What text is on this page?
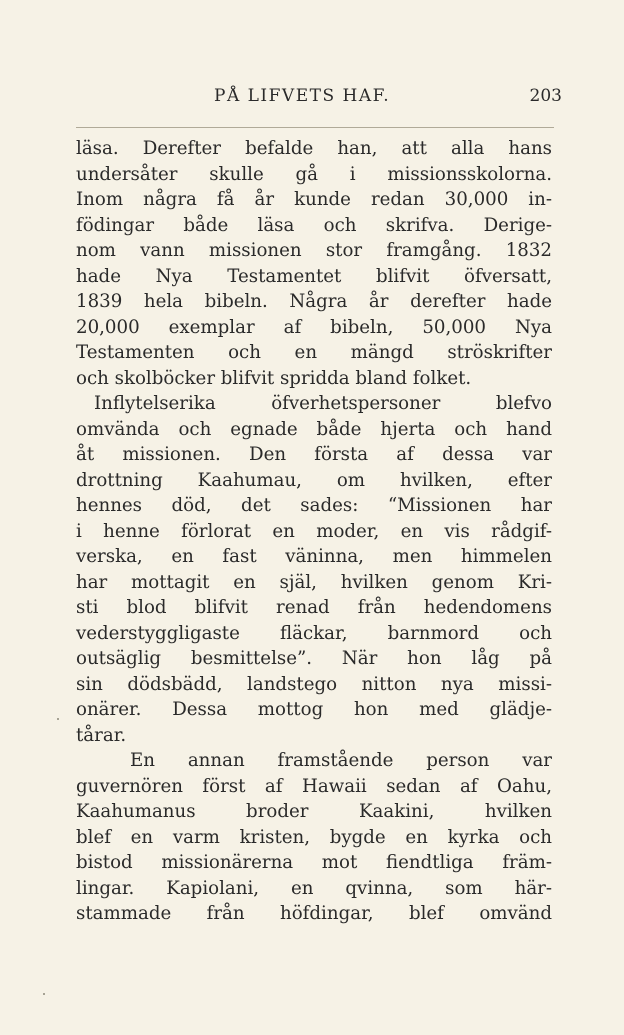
PÅ LIFVETS HAF.	203
läsa. Derefter befalde han, att alla hans
undersåter skulle gå i missionsskolorna.
Inom några få år kunde redan 30,000 in-
födingar både läsa och skrifva. Derige-
nom vann missionen stor framgång. 1832
hade Nya Testamentet blifvit öfversatt,
1839 hela bibeln. Några år derefter hade
20,000 exemplar af bibeln, 50,000 Nya
Testamenten och en mängd ströskrifter
och skolböcker blifvit spridda bland folket.
Inflytelserika öfverhetspersoner blefvo
omvända och egnade både hjerta och hand
åt missionen. Den första af dessa var
drottning Kaahumau, om hvilken, efter
hennes död, det sades: “Missionen har
i henne förlorat en moder, en vis rådgif-
verska, en fast väninna, men himmelen
har mottagit en själ, hvilken genom Kri-
sti blod blifvit renad från hedendomens
vederstyggligaste fläckar, barnmord och
outsäglig besmittelse”. När hon låg på
sin dödsbädd, landstego nitton nya missi-
onärer. Dessa mottog hon med glädje-
tårar.
En annan framstående person var
guvernören först af Hawaii sedan af Oahu,
Kaahumanus broder Kaakini, hvilken
blef en varm kristen, bygde en kyrka och
bistod missionärerna mot fiendtliga främ-
lingar. Kapiolani, en qvinna, som här-
stammade från höfdingar, blef omvänd
